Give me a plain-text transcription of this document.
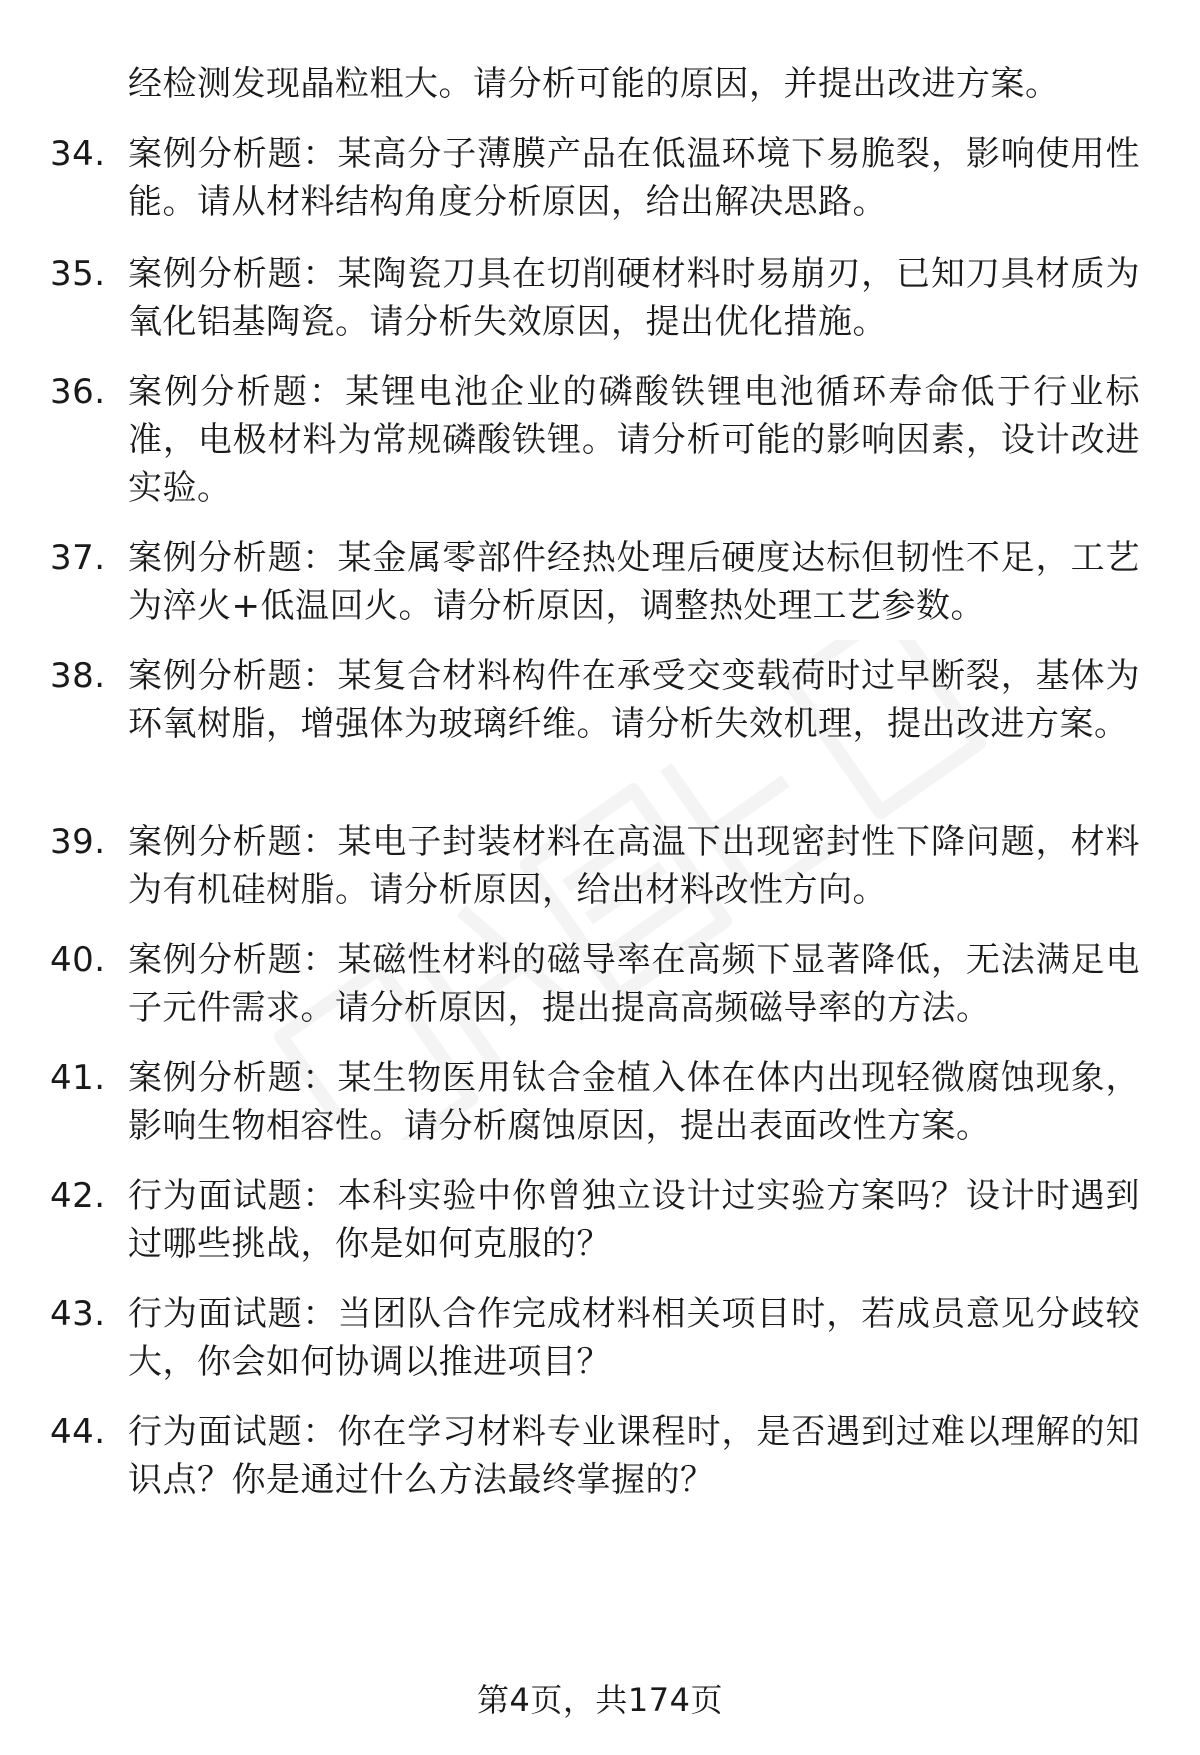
经检测发现晶粒粗大。请分析可能的原因，并提出改进方案。
34. 案例分析题：某高分子薄膜产品在低温环境下易脆裂，影响使用性能。请从材料结构角度分析原因，给出解决思路。
35. 案例分析题：某陶瓷刀具在切削硬材料时易崩刃，已知刀具材质为氧化铝基陶瓷。请分析失效原因，提出优化措施。
36. 案例分析题：某锂电池企业的磷酸铁锂电池循环寿命低于行业标准，电极材料为常规磷酸铁锂。请分析可能的影响因素，设计改进实验。
37. 案例分析题：某金属零部件经热处理后硬度达标但韧性不足，工艺为淬火+低温回火。请分析原因，调整热处理工艺参数。
38. 案例分析题：某复合材料构件在承受交变载荷时过早断裂，基体为环氧树脂，增强体为玻璃纤维。请分析失效机理，提出改进方案。
39. 案例分析题：某电子封装材料在高温下出现密封性下降问题，材料为有机硅树脂。请分析原因，给出材料改性方向。
40. 案例分析题：某磁性材料的磁导率在高频下显著降低，无法满足电子元件需求。请分析原因，提出提高高频磁导率的方法。
41. 案例分析题：某生物医用钛合金植入体在体内出现轻微腐蚀现象，影响生物相容性。请分析腐蚀原因，提出表面改性方案。
42. 行为面试题：本科实验中你曾独立设计过实验方案吗？设计时遇到过哪些挑战，你是如何克服的？
43. 行为面试题：当团队合作完成材料相关项目时，若成员意见分歧较大，你会如何协调以推进项目？
44. 行为面试题：你在学习材料专业课程时，是否遇到过难以理解的知识点？你是通过什么方法最终掌握的？
第4页，共174页
